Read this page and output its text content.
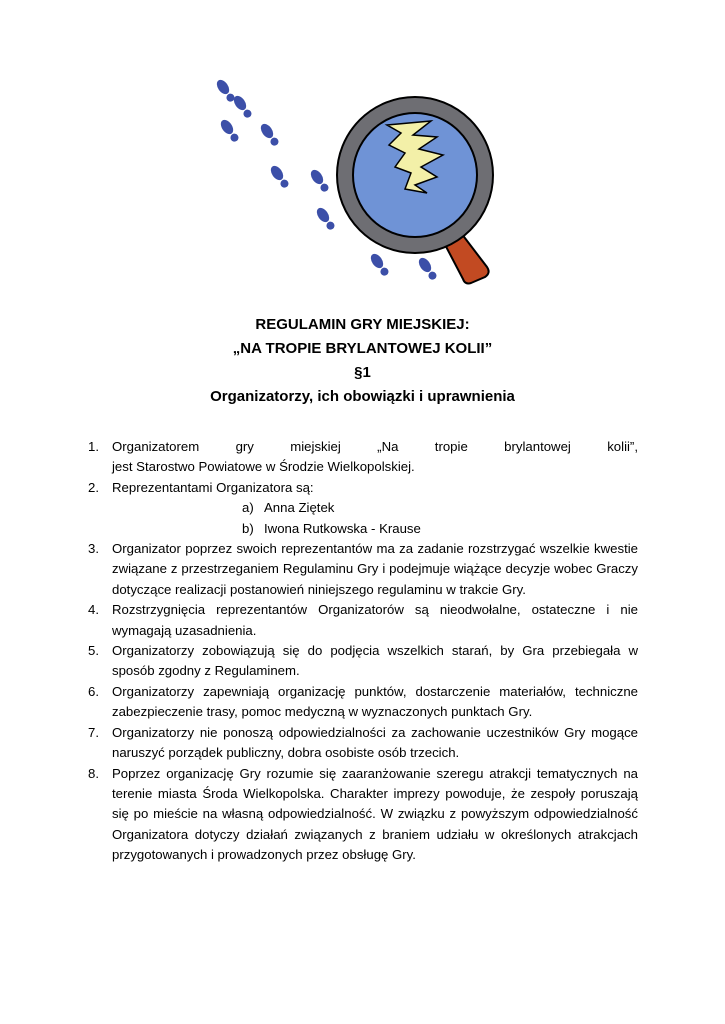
REGULAMIN GRY MIEJSKIEJ:
„NA TROPIE BRYLANTOWEJ KOLII”
§1
Organizatorzy, ich obowiązki i uprawnienia
1. Organizatorem gry miejskiej „Na tropie brylantowej kolii”,
jest Starostwo Powiatowe w Środzie Wielkopolskiej.
2. Reprezentantami Organizatora są:
a) Anna Ziętek
b) Iwona Rutkowska - Krause
3. Organizator poprzez swoich reprezentantów ma za zadanie rozstrzygać wszelkie kwestie związane z przestrzeganiem Regulaminu Gry i podejmuje wiążące decyzje wobec Graczy dotyczące realizacji postanowień niniejszego regulaminu w trakcie Gry.
4. Rozstrzygnięcia reprezentantów Organizatorów są nieodwołalne, ostateczne i nie wymagają uzasadnienia.
5. Organizatorzy zobowiązują się do podjęcia wszelkich starań, by Gra przebiegała w sposób zgodny z Regulaminem.
6. Organizatorzy zapewniają organizację punktów, dostarczenie materiałów, techniczne zabezpieczenie trasy, pomoc medyczną w wyznaczonych punktach Gry.
7. Organizatorzy nie ponoszą odpowiedzialności za zachowanie uczestników Gry mogące naruszyć porządek publiczny, dobra osobiste osób trzecich.
8. Poprzez organizację Gry rozumie się zaaranżowanie szeregu atrakcji tematycznych na terenie miasta Środa Wielkopolska. Charakter imprezy powoduje, że zespoły poruszają się po mieście na własną odpowiedzialność. W związku z powyższym odpowiedzialność Organizatora dotyczy działań związanych z braniem udziału w określonych atrakcjach przygotowanych i prowadzonych przez obsługę Gry.
